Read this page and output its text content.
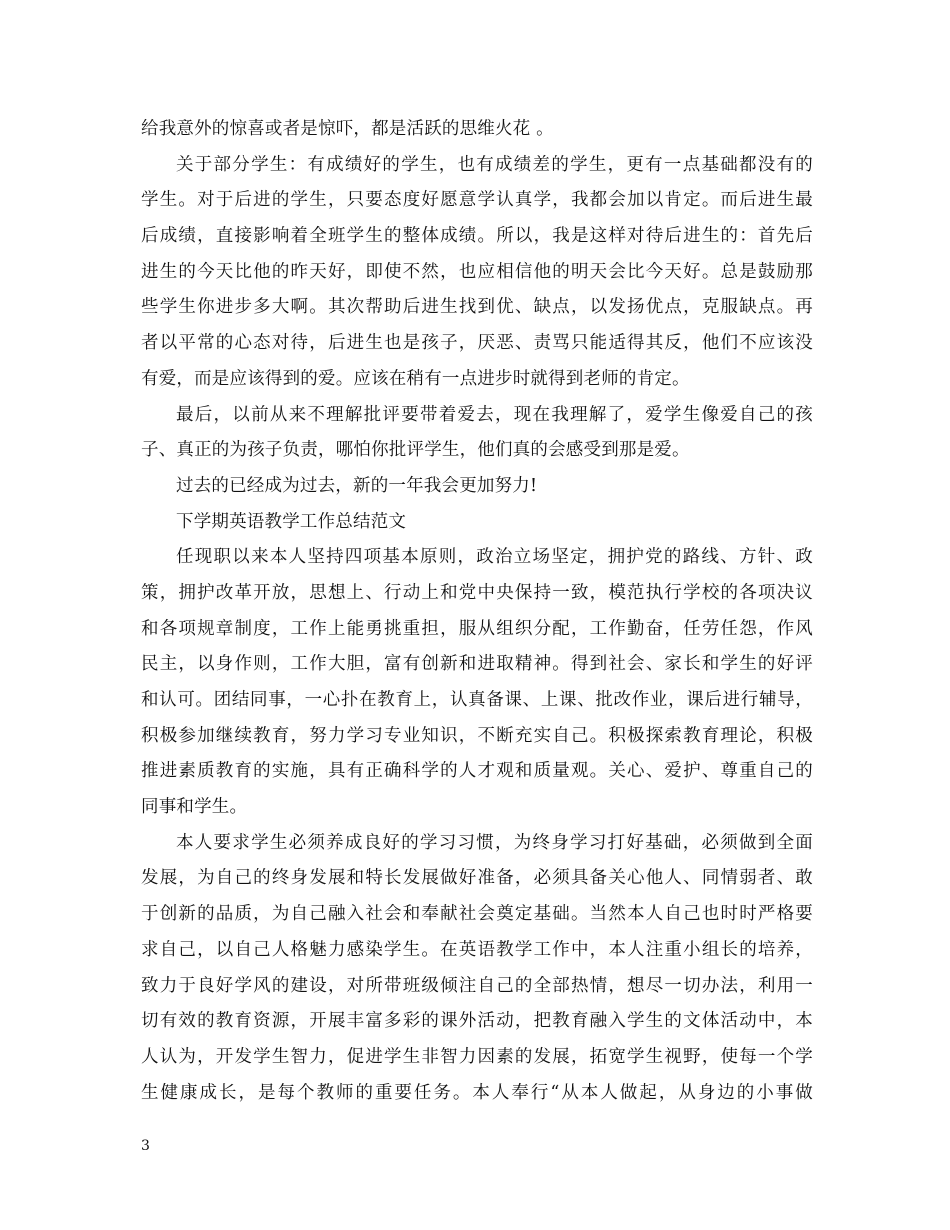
给我意外的惊喜或者是惊吓，都是活跃的思维火花 。
关于部分学生：有成绩好的学生，也有成绩差的学生，更有一点基础都没有的
学生。对于后进的学生，只要态度好愿意学认真学，我都会加以肯定。而后进生最
后成绩，直接影响着全班学生的整体成绩。所以，我是这样对待后进生的：首先后
进生的今天比他的昨天好，即使不然，也应相信他的明天会比今天好。总是鼓励那
些学生你进步多大啊。其次帮助后进生找到优、缺点，以发扬优点，克服缺点。再
者以平常的心态对待，后进生也是孩子，厌恶、责骂只能适得其反，他们不应该没
有爱，而是应该得到的爱。应该在稍有一点进步时就得到老师的肯定。
最后，以前从来不理解批评要带着爱去，现在我理解了，爱学生像爱自己的孩
子、真正的为孩子负责，哪怕你批评学生，他们真的会感受到那是爱。
过去的已经成为过去，新的一年我会更加努力!
下学期英语教学工作总结范文
任现职以来本人坚持四项基本原则，政治立场坚定，拥护党的路线、方针、政
策，拥护改革开放，思想上、行动上和党中央保持一致，模范执行学校的各项决议
和各项规章制度，工作上能勇挑重担，服从组织分配，工作勤奋，任劳任怨，作风
民主，以身作则，工作大胆，富有创新和进取精神。得到社会、家长和学生的好评
和认可。团结同事，一心扑在教育上，认真备课、上课、批改作业，课后进行辅导，
积极参加继续教育，努力学习专业知识，不断充实自己。积极探索教育理论，积极
推进素质教育的实施，具有正确科学的人才观和质量观。关心、爱护、尊重自己的
同事和学生。
本人要求学生必须养成良好的学习习惯，为终身学习打好基础，必须做到全面
发展，为自己的终身发展和特长发展做好准备，必须具备关心他人、同情弱者、敢
于创新的品质，为自己融入社会和奉献社会奠定基础。当然本人自己也时时严格要
求自己，以自己人格魅力感染学生。在英语教学工作中，本人注重小组长的培养，
致力于良好学风的建设，对所带班级倾注自己的全部热情，想尽一切办法，利用一
切有效的教育资源，开展丰富多彩的课外活动，把教育融入学生的文体活动中，本
人认为，开发学生智力，促进学生非智力因素的发展，拓宽学生视野，使每一个学
生健康成长，是每个教师的重要任务。本人奉行“从本人做起，从身边的小事做
3
